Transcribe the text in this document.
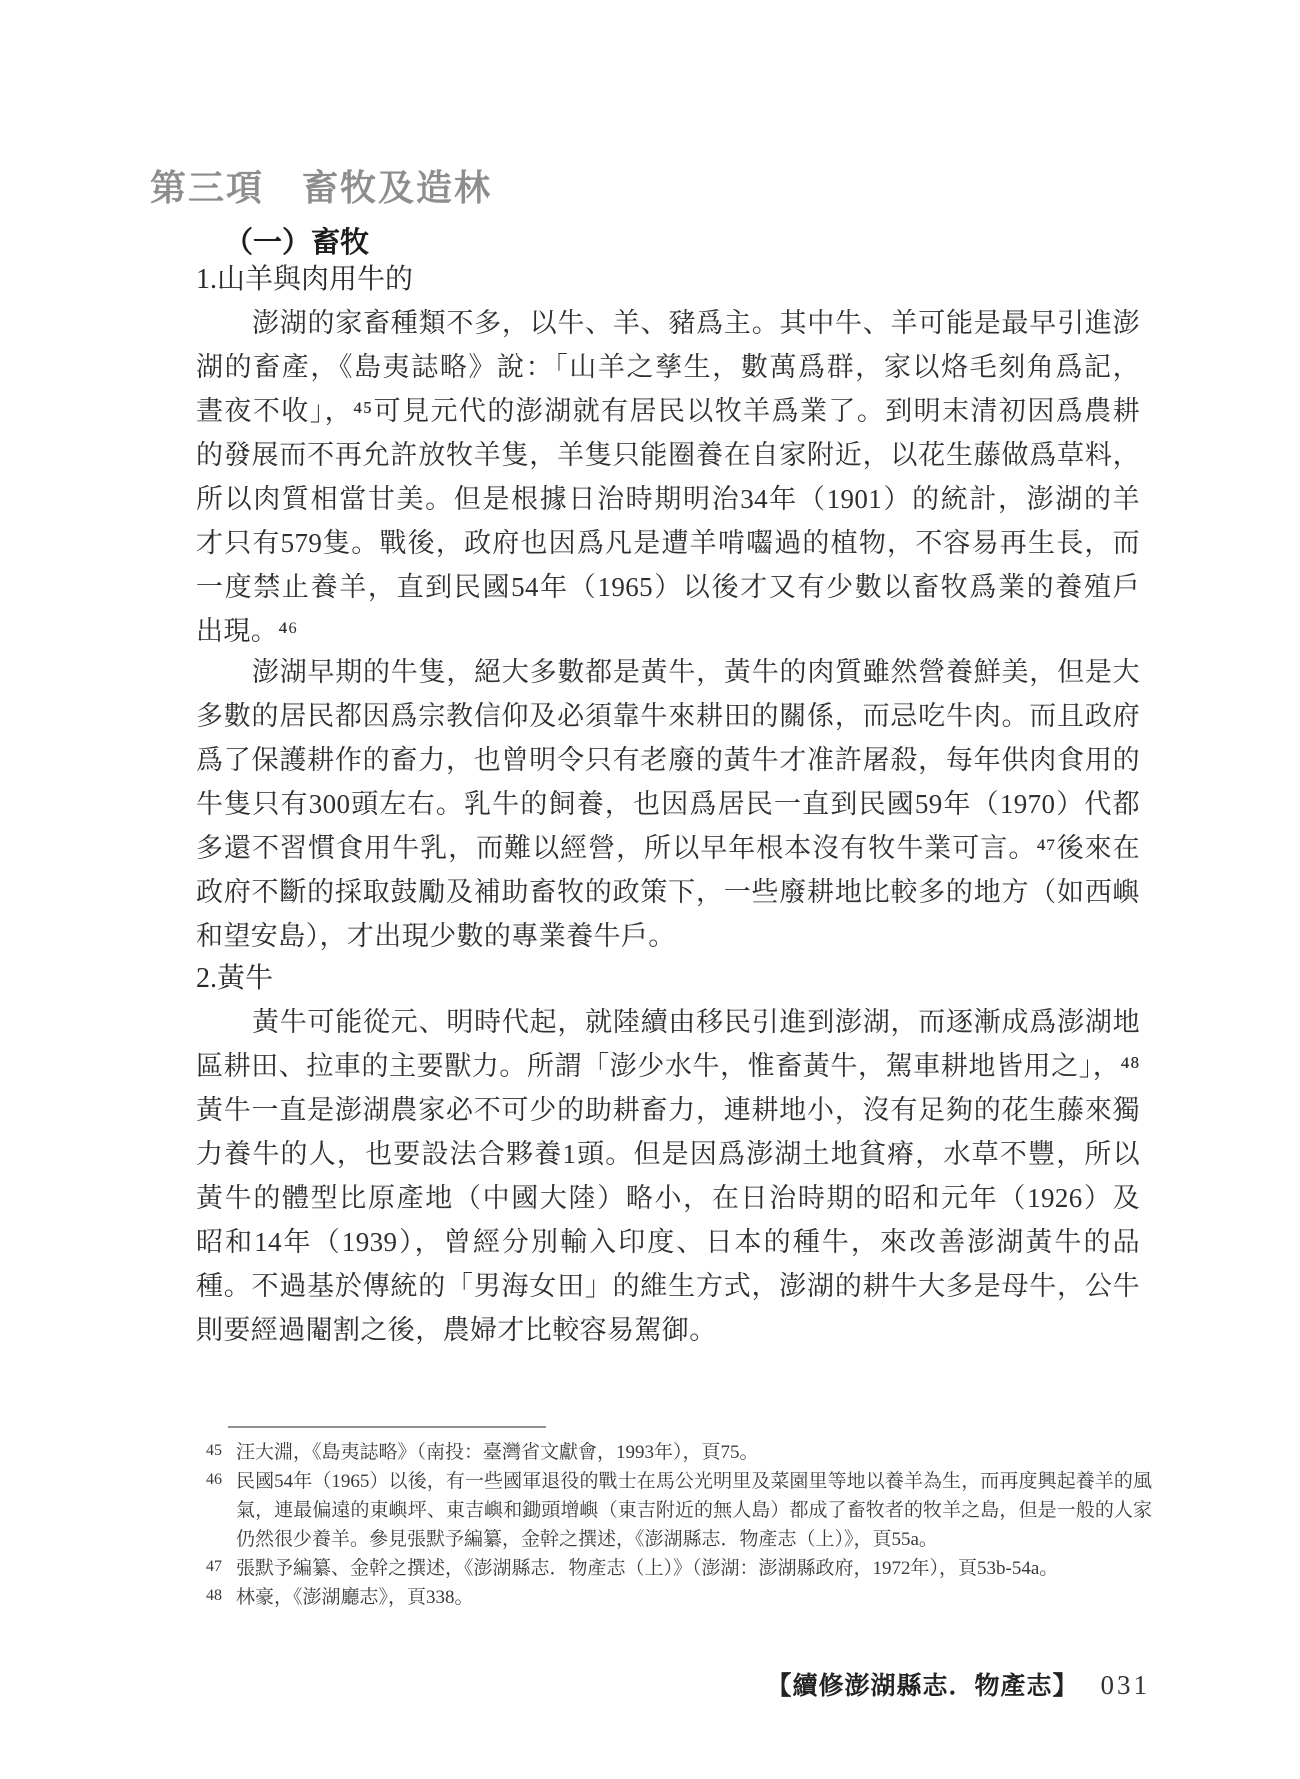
第三項　畜牧及造林
（一）畜牧
1.山羊與肉用牛的
澎湖的家畜種類不多，以牛、羊、豬爲主。其中牛、羊可能是最早引進澎
湖的畜產，《島夷誌略》說：「山羊之孳生，數萬爲群，家以烙毛刻角爲記，
晝夜不收」，⁴⁵可見元代的澎湖就有居民以牧羊爲業了。到明末清初因爲農耕
的發展而不再允許放牧羊隻，羊隻只能圈養在自家附近，以花生藤做爲草料，
所以肉質相當甘美。但是根據日治時期明治34年（1901）的統計，澎湖的羊
才只有579隻。戰後，政府也因爲凡是遭羊啃囓過的植物，不容易再生長，而
一度禁止養羊，直到民國54年（1965）以後才又有少數以畜牧爲業的養殖戶
出現。⁴⁶
澎湖早期的牛隻，絕大多數都是黃牛，黃牛的肉質雖然營養鮮美，但是大
多數的居民都因爲宗教信仰及必須靠牛來耕田的關係，而忌吃牛肉。而且政府
爲了保護耕作的畜力，也曾明令只有老廢的黃牛才准許屠殺，每年供肉食用的
牛隻只有300頭左右。乳牛的飼養，也因爲居民一直到民國59年（1970）代都
多還不習慣食用牛乳，而難以經營，所以早年根本沒有牧牛業可言。⁴⁷後來在
政府不斷的採取鼓勵及補助畜牧的政策下，一些廢耕地比較多的地方（如西嶼
和望安島），才出現少數的專業養牛戶。
2.黃牛
黃牛可能從元、明時代起，就陸續由移民引進到澎湖，而逐漸成爲澎湖地
區耕田、拉車的主要獸力。所謂「澎少水牛，惟畜黃牛，駕車耕地皆用之」，⁴⁸
黃牛一直是澎湖農家必不可少的助耕畜力，連耕地小，沒有足夠的花生藤來獨
力養牛的人，也要設法合夥養1頭。但是因爲澎湖土地貧瘠，水草不豐，所以
黃牛的體型比原產地（中國大陸）略小，在日治時期的昭和元年（1926）及
昭和14年（1939），曾經分別輸入印度、日本的種牛，來改善澎湖黃牛的品
種。不過基於傳統的「男海女田」的維生方式，澎湖的耕牛大多是母牛，公牛
則要經過閹割之後，農婦才比較容易駕御。
45 汪大淵，《島夷誌略》（南投：臺灣省文獻會，1993年），頁75。
46 民國54年（1965）以後，有一些國軍退役的戰士在馬公光明里及菜園里等地以養羊為生，而再度興起養羊的風氣，連最偏遠的東嶼坪、東吉嶼和鋤頭增嶼（東吉附近的無人島）都成了畜牧者的牧羊之島，但是一般的人家仍然很少養羊。參見張默予編纂，金幹之撰述，《澎湖縣志．物產志（上）》，頁55a。
47 張默予編纂、金幹之撰述，《澎湖縣志．物產志（上）》（澎湖：澎湖縣政府，1972年），頁53b-54a。
48 林豪，《澎湖廳志》，頁338。
【續修澎湖縣志．物產志】 031
